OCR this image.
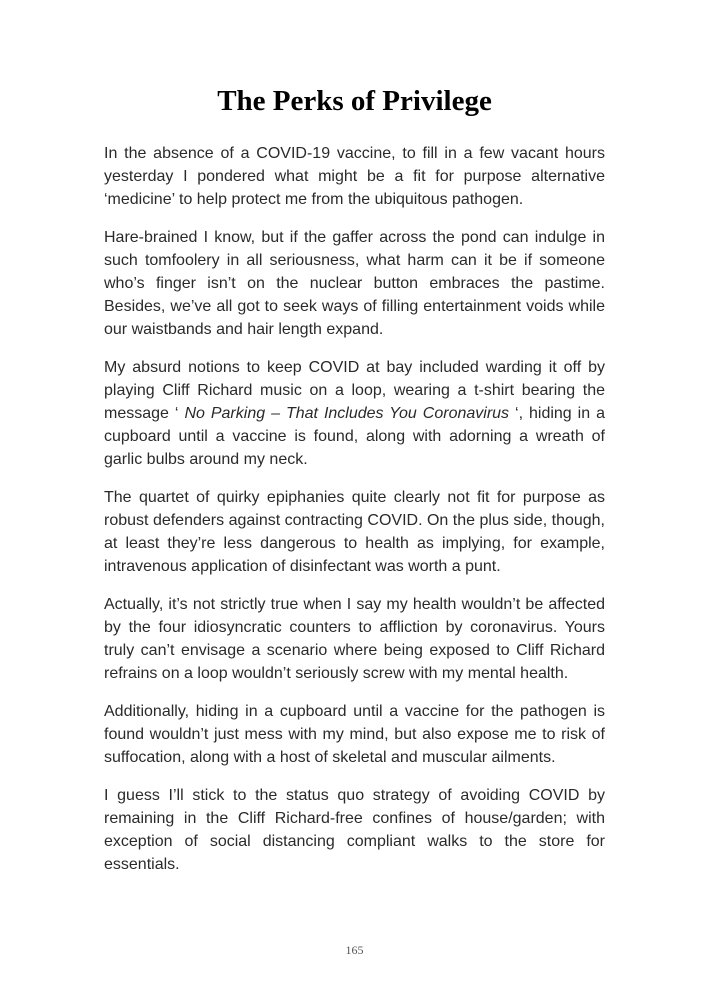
The Perks of Privilege

In the absence of a COVID-19 vaccine, to fill in a few vacant hours yesterday I pondered what might be a fit for purpose alternative ‘medicine’ to help protect me from the ubiquitous pathogen.

Hare-brained I know, but if the gaffer across the pond can indulge in such tomfoolery in all seriousness, what harm can it be if someone who’s finger isn’t on the nuclear button embraces the pastime. Besides, we’ve all got to seek ways of filling entertainment voids while our waistbands and hair length expand.

My absurd notions to keep COVID at bay included warding it off by playing Cliff Richard music on a loop, wearing a t-shirt bearing the message ‘ No Parking – That Includes You Coronavirus ‘, hiding in a cupboard until a vaccine is found, along with adorning a wreath of garlic bulbs around my neck.

The quartet of quirky epiphanies quite clearly not fit for purpose as robust defenders against contracting COVID. On the plus side, though, at least they’re less dangerous to health as implying, for example, intravenous application of disinfectant was worth a punt.

Actually, it’s not strictly true when I say my health wouldn’t be affected by the four idiosyncratic counters to affliction by coronavirus. Yours truly can’t envisage a scenario where being exposed to Cliff Richard refrains on a loop wouldn’t seriously screw with my mental health.

Additionally, hiding in a cupboard until a vaccine for the pathogen is found wouldn’t just mess with my mind, but also expose me to risk of suffocation, along with a host of skeletal and muscular ailments.

I guess I’ll stick to the status quo strategy of avoiding COVID by remaining in the Cliff Richard-free confines of house/garden; with exception of social distancing compliant walks to the store for essentials.

165
